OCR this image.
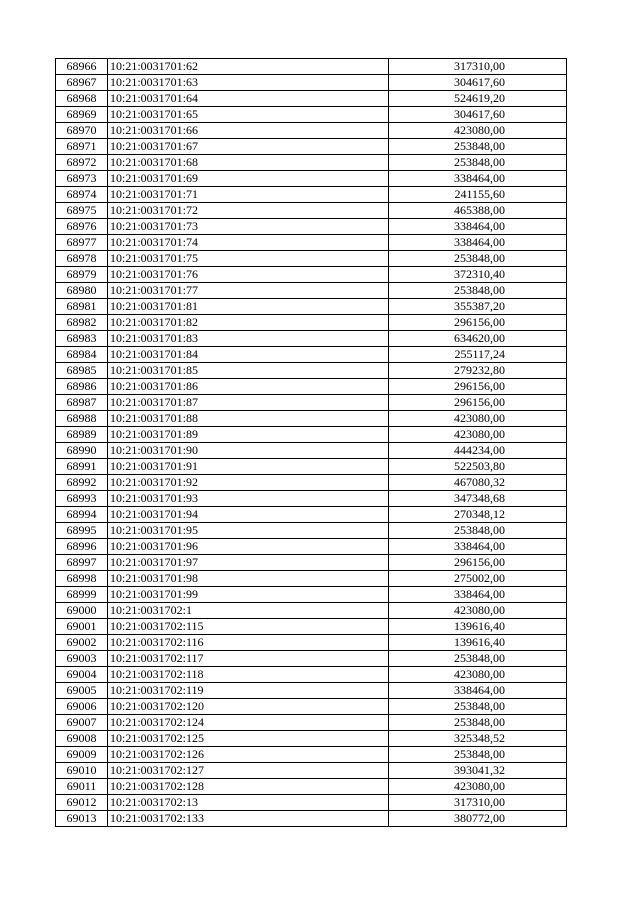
68966	10:21:0031701:62	317310,00
68967	10:21:0031701:63	304617,60
68968	10:21:0031701:64	524619,20
68969	10:21:0031701:65	304617,60
68970	10:21:0031701:66	423080,00
68971	10:21:0031701:67	253848,00
68972	10:21:0031701:68	253848,00
68973	10:21:0031701:69	338464,00
68974	10:21:0031701:71	241155,60
68975	10:21:0031701:72	465388,00
68976	10:21:0031701:73	338464,00
68977	10:21:0031701:74	338464,00
68978	10:21:0031701:75	253848,00
68979	10:21:0031701:76	372310,40
68980	10:21:0031701:77	253848,00
68981	10:21:0031701:81	355387,20
68982	10:21:0031701:82	296156,00
68983	10:21:0031701:83	634620,00
68984	10:21:0031701:84	255117,24
68985	10:21:0031701:85	279232,80
68986	10:21:0031701:86	296156,00
68987	10:21:0031701:87	296156,00
68988	10:21:0031701:88	423080,00
68989	10:21:0031701:89	423080,00
68990	10:21:0031701:90	444234,00
68991	10:21:0031701:91	522503,80
68992	10:21:0031701:92	467080,32
68993	10:21:0031701:93	347348,68
68994	10:21:0031701:94	270348,12
68995	10:21:0031701:95	253848,00
68996	10:21:0031701:96	338464,00
68997	10:21:0031701:97	296156,00
68998	10:21:0031701:98	275002,00
68999	10:21:0031701:99	338464,00
69000	10:21:0031702:1	423080,00
69001	10:21:0031702:115	139616,40
69002	10:21:0031702:116	139616,40
69003	10:21:0031702:117	253848,00
69004	10:21:0031702:118	423080,00
69005	10:21:0031702:119	338464,00
69006	10:21:0031702:120	253848,00
69007	10:21:0031702:124	253848,00
69008	10:21:0031702:125	325348,52
69009	10:21:0031702:126	253848,00
69010	10:21:0031702:127	393041,32
69011	10:21:0031702:128	423080,00
69012	10:21:0031702:13	317310,00
69013	10:21:0031702:133	380772,00
